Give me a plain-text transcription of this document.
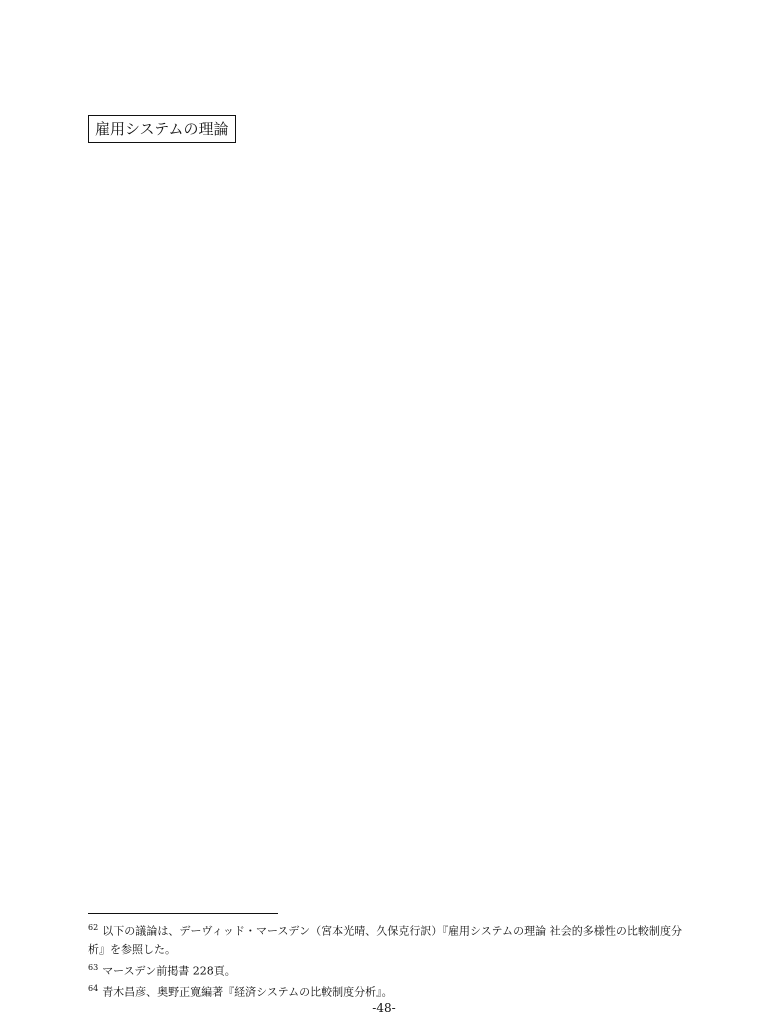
雇用システムの理論

$^{62}$ 以下の議論は、デーヴィッド・マースデン（宮本光晴、久保克行訳）『雇用システムの理論 社会的多様性の比較制度分析』を参照した。

$^{63}$ マースデン前掲書 228頁。

$^{64}$ 青木昌彦、奥野正寛編著『経済システムの比較制度分析』。

-48-
